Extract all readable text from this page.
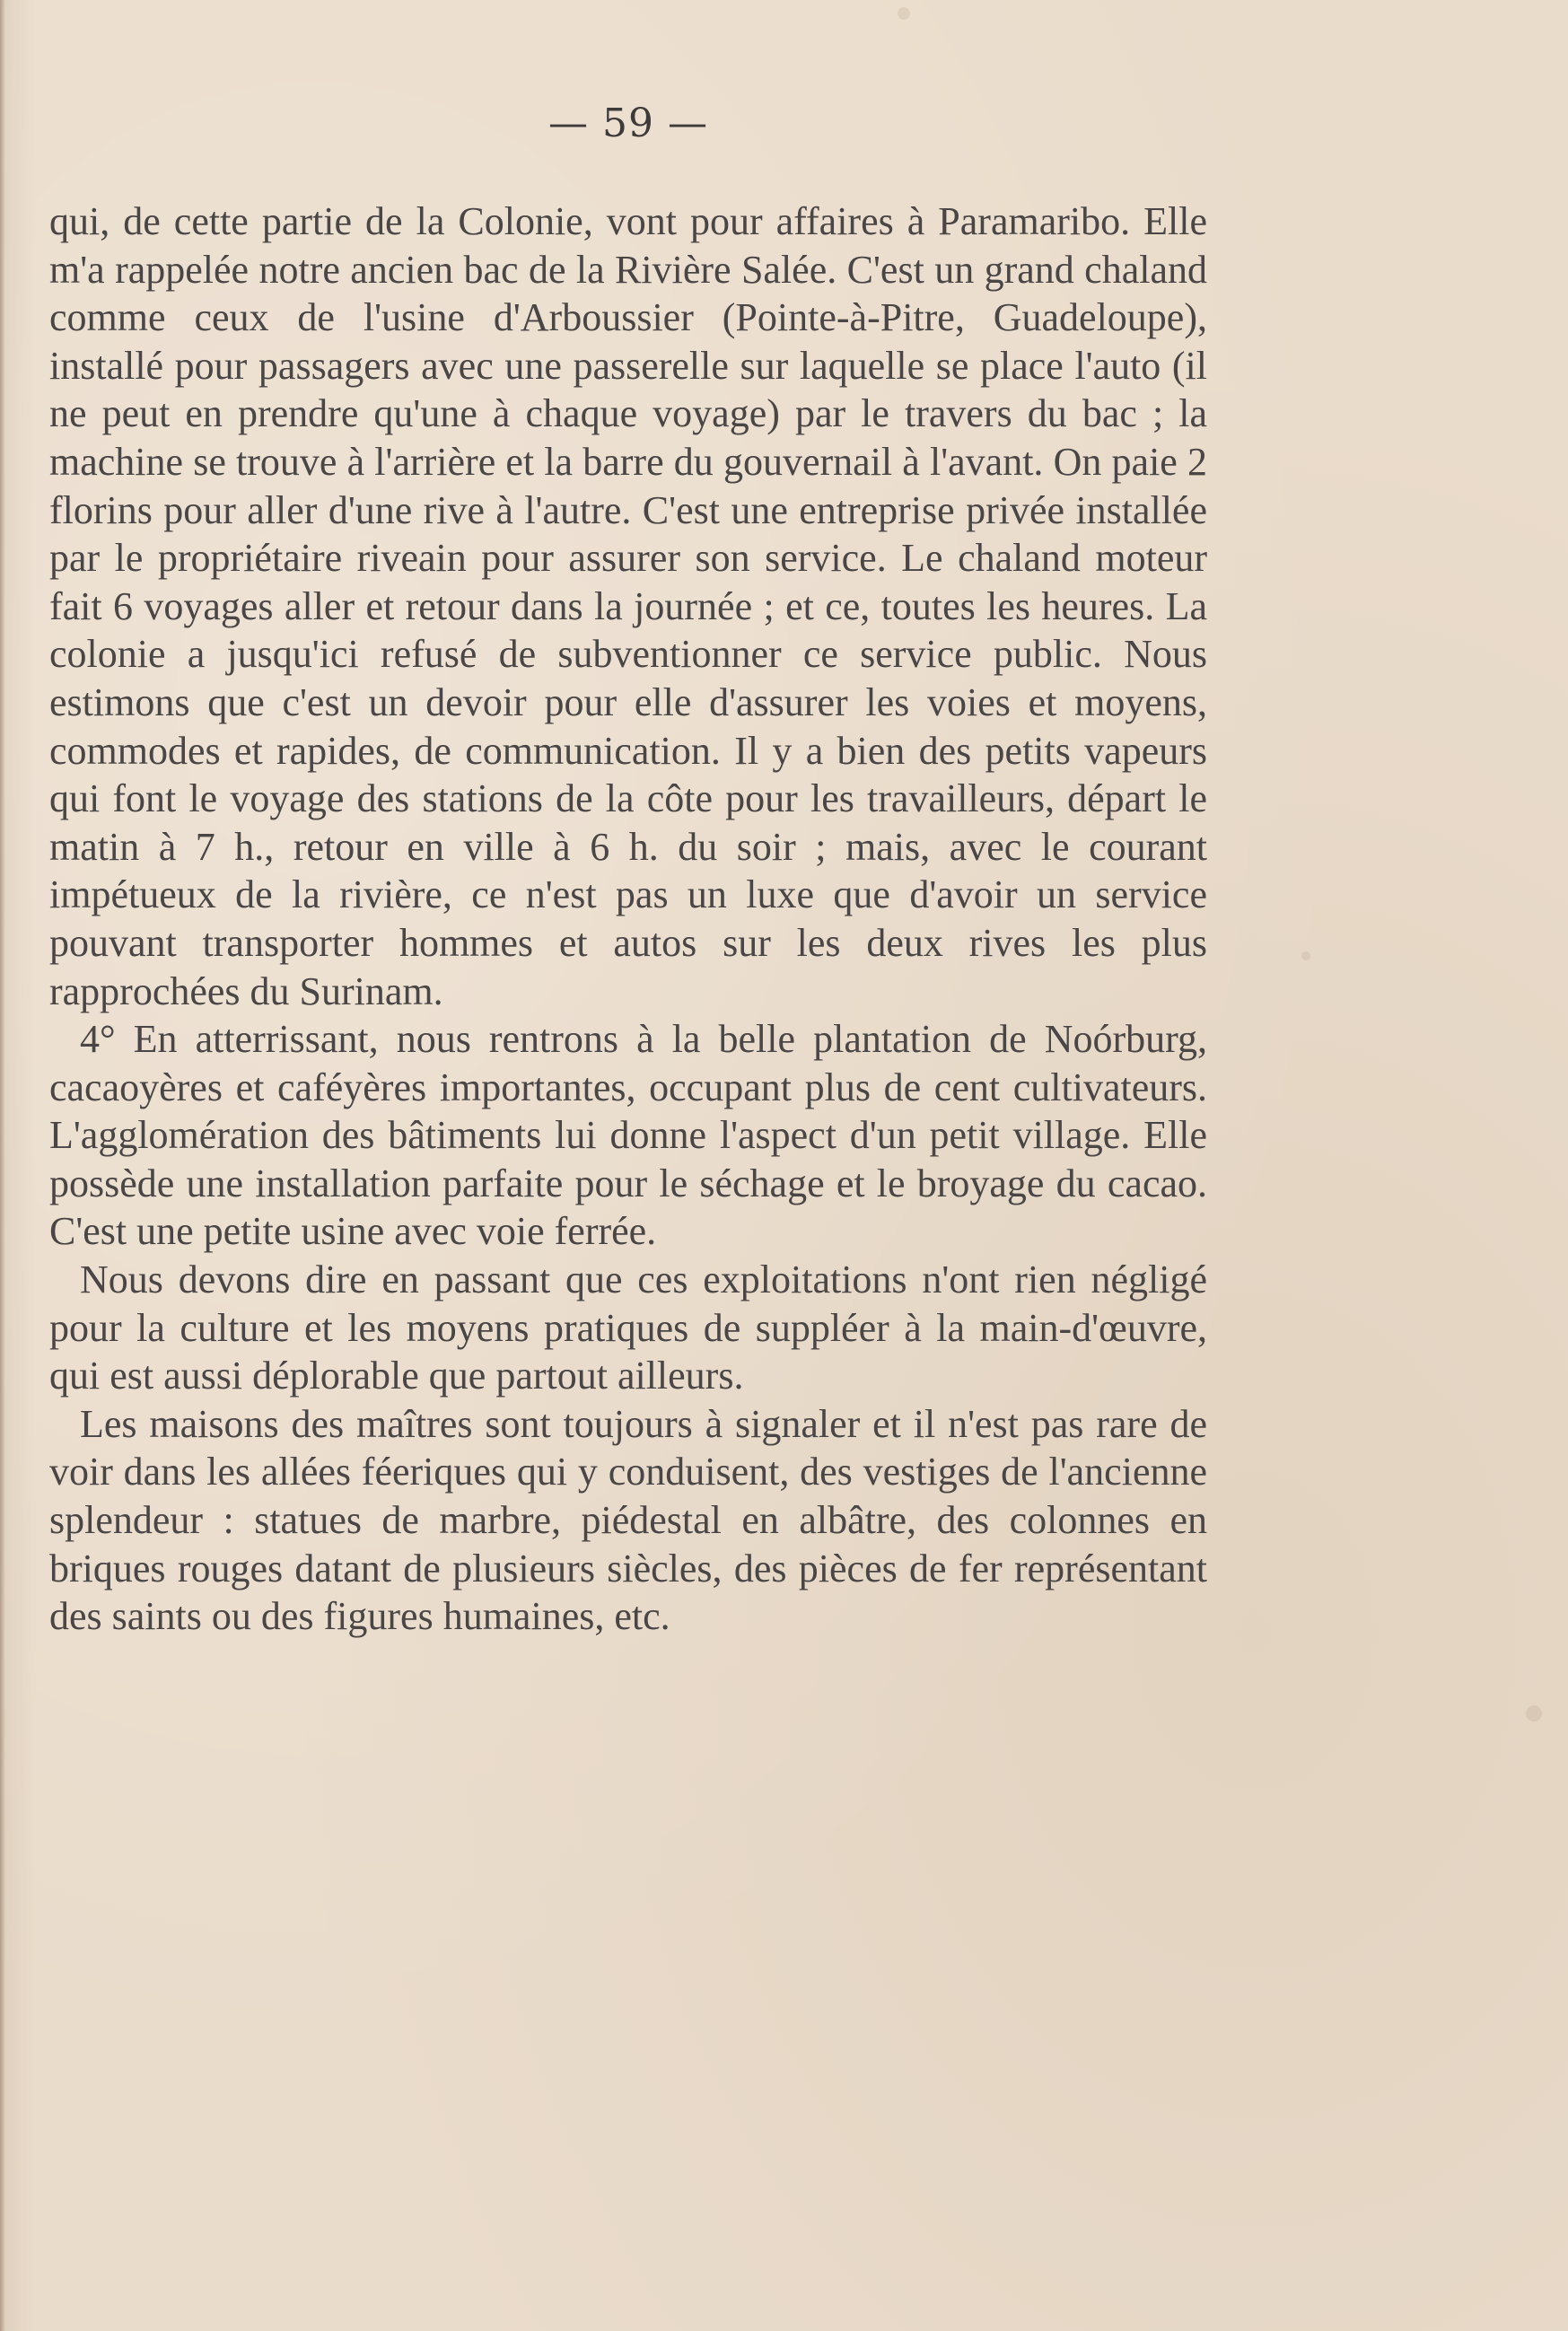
— 59 —

qui, de cette partie de la Colonie, vont pour affaires à Paramaribo. Elle m'a rappelée notre ancien bac de la Rivière Salée. C'est un grand chaland comme ceux de l'usine d'Arboussier (Pointe-à-Pitre, Guadeloupe), installé pour passagers avec une passerelle sur laquelle se place l'auto (il ne peut en prendre qu'une à chaque voyage) par le travers du bac ; la machine se trouve à l'arrière et la barre du gouvernail à l'avant. On paie 2 florins pour aller d'une rive à l'autre. C'est une entreprise privée installée par le propriétaire riveain pour assurer son service. Le chaland moteur fait 6 voyages aller et retour dans la journée ; et ce, toutes les heures. La colonie a jusqu'ici refusé de subventionner ce service public. Nous estimons que c'est un devoir pour elle d'assurer les voies et moyens, commodes et rapides, de communication. Il y a bien des petits vapeurs qui font le voyage des stations de la côte pour les travailleurs, départ le matin à 7 h., retour en ville à 6 h. du soir ; mais, avec le courant impétueux de la rivière, ce n'est pas un luxe que d'avoir un service pouvant transporter hommes et autos sur les deux rives les plus rapprochées du Surinam.

4° En atterrissant, nous rentrons à la belle plantation de Noórburg, cacaoyères et caféyères importantes, occupant plus de cent cultivateurs. L'agglomération des bâtiments lui donne l'aspect d'un petit village. Elle possède une installation parfaite pour le séchage et le broyage du cacao. C'est une petite usine avec voie ferrée.

Nous devons dire en passant que ces exploitations n'ont rien négligé pour la culture et les moyens pratiques de suppléer à la main-d'œuvre, qui est aussi déplorable que partout ailleurs.

Les maisons des maîtres sont toujours à signaler et il n'est pas rare de voir dans les allées féeriques qui y conduisent, des vestiges de l'ancienne splendeur : statues de marbre, piédestal en albâtre, des colonnes en briques rouges datant de plusieurs siècles, des pièces de fer représentant des saints ou des figures humaines, etc.
